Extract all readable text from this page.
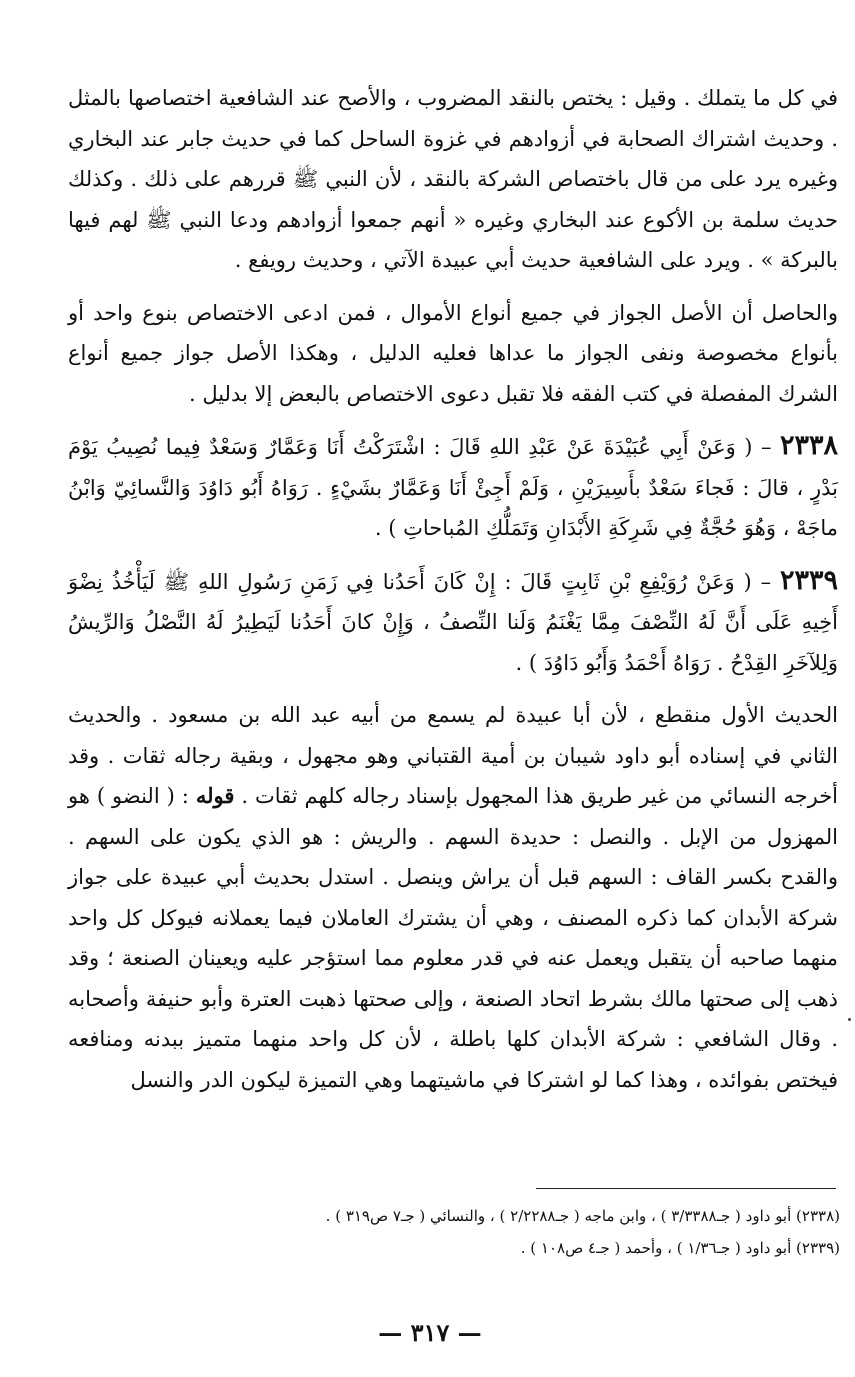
في كل ما يتملك . وقيل : يختص بالنقد المضروب ، والأصح عند الشافعية اختصاصها بالمثل . وحديث اشتراك الصحابة في أزوادهم في غزوة الساحل كما في حديث جابر عند البخاري وغيره يرد على من قال باختصاص الشركة بالنقد ، لأن النبي ﷺ قررهم على ذلك . وكذلك حديث سلمة بن الأكوع عند البخاري وغيره « أنهم جمعوا أزوادهم ودعا النبي ﷺ لهم فيها بالبركة » . ويرد على الشافعية حديث أبي عبيدة الآتي ، وحديث رويفع .

والحاصل أن الأصل الجواز في جميع أنواع الأموال ، فمن ادعى الاختصاص بنوع واحد أو بأنواع مخصوصة ونفى الجواز ما عداها فعليه الدليل ، وهكذا الأصل جواز جميع أنواع الشرك المفصلة في كتب الفقه فلا تقبل دعوى الاختصاص بالبعض إلا بدليل .

٢٣٣٨ – ( وَعَنْ أَبِي عُبَيْدَةَ عَنْ عَبْدِ اللهِ قَالَ : اشْتَرَكْتُ أَنَا وَعَمَّارٌ وَسَعْدٌ فِيما نُصِيبُ يَوْمَ بَدْرٍ ، قالَ : فَجاءَ سَعْدٌ بأَسِيرَيْنِ ، وَلَمْ أَجِئْ أَنَا وَعَمَّارٌ بشَيْءٍ . رَوَاهُ أَبُو دَاوُدَ وَالنَّسائِيّ وَابْنُ ماجَهْ ، وَهُوَ حُجَّةٌ فِي شَرِكَةِ الأَبْدَانِ وَتَمَلُّكِ المُباحاتِ ) .

٢٣٣٩ – ( وَعَنْ رُوَيْفِعِ بْنِ ثَابِتٍ قَالَ : إِنْ كَانَ أَحَدُنا فِي زَمَنِ رَسُولِ اللهِ ﷺ لَيَأْخُذُ نِضْوَ أَخِيهِ عَلَى أَنَّ لَهُ النِّصْفَ مِمَّا يَغْنَمُ وَلَنا النِّصفُ ، وَإِنْ كانَ أَحَدُنا لَيَطِيرُ لَهُ النَّصْلُ وَالرِّيشُ وَلِلآخَرِ القِدْحُ . رَوَاهُ أَحْمَدُ وَأَبُو دَاوُدَ ) .

الحديث الأول منقطع ، لأن أبا عبيدة لم يسمع من أبيه عبد الله بن مسعود . والحديث الثاني في إسناده أبو داود شيبان بن أمية القتباني وهو مجهول ، وبقية رجاله ثقات . وقد أخرجه النسائي من غير طريق هذا المجهول بإسناد رجاله كلهم ثقات . قوله : ( النضو ) هو المهزول من الإبل . والنصل : حديدة السهم . والريش : هو الذي يكون على السهم . والقدح بكسر القاف : السهم قبل أن يراش وينصل . استدل بحديث أبي عبيدة على جواز شركة الأبدان كما ذكره المصنف ، وهي أن يشترك العاملان فيما يعملانه فيوكل كل واحد منهما صاحبه أن يتقبل ويعمل عنه في قدر معلوم مما استؤجر عليه ويعينان الصنعة ؛ وقد ذهب إلى صحتها مالك بشرط اتحاد الصنعة ، وإلى صحتها ذهبت العترة وأبو حنيفة وأصحابه . وقال الشافعي : شركة الأبدان كلها باطلة ، لأن كل واحد منهما متميز ببدنه ومنافعه فيختص بفوائده ، وهذا كما لو اشتركا في ماشيتهما وهي التميزة ليكون الدر والنسل

(٢٣٣٨) أبو داود ( جـ٣/٣٣٨٨ ) ، وابن ماجه ( جـ٢/٢٢٨٨ ) ، والنسائي ( جـ٧ ص٣١٩ ) .

(٢٣٣٩) أبو داود ( جـ١/٣٦ ) ، وأحمد ( جـ٤ ص١٠٨ ) .

— ٣١٧ —
